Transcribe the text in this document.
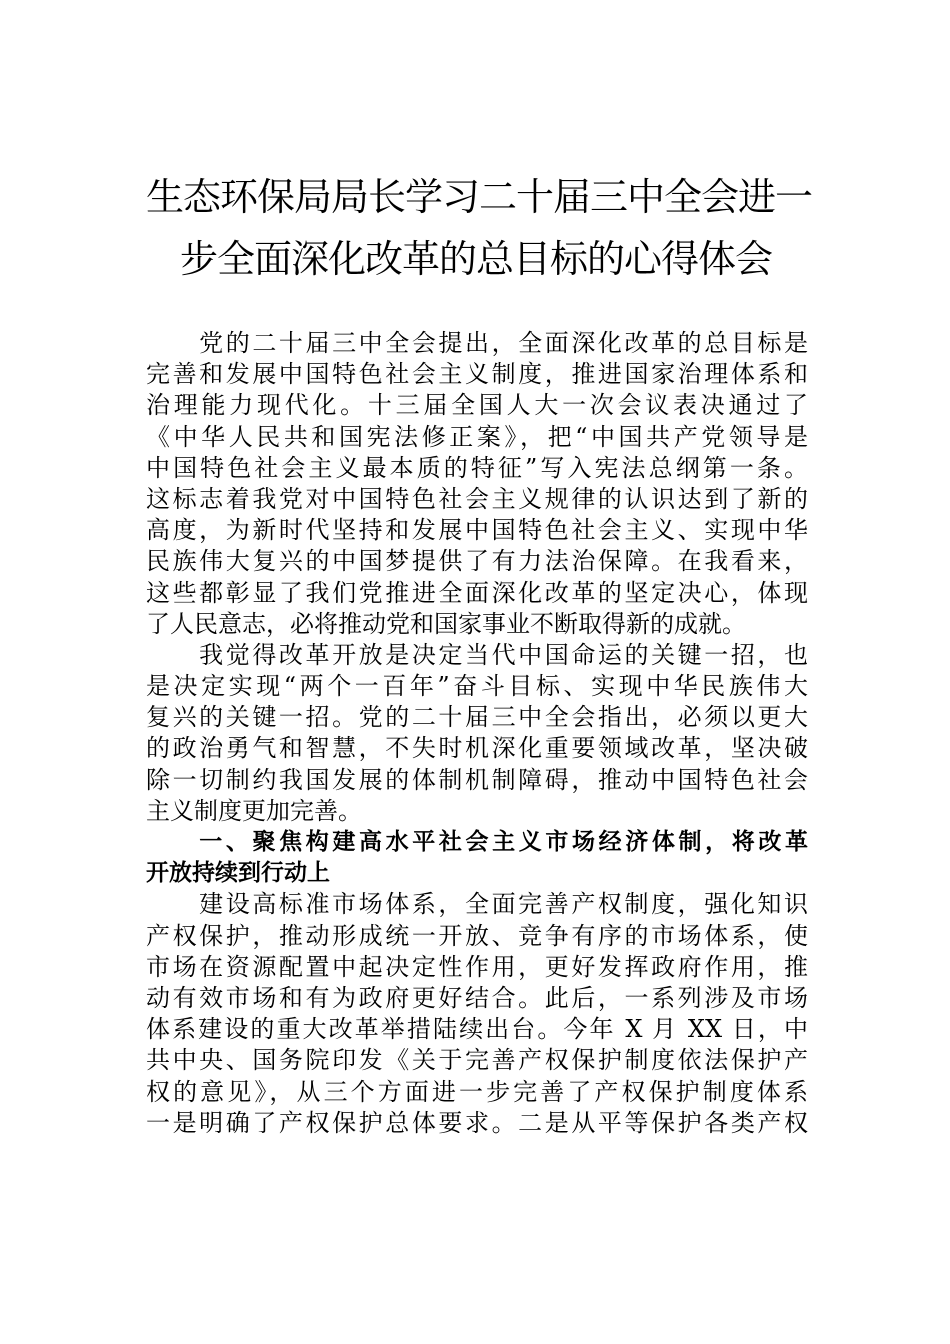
生态环保局局长学习二十届三中全会进一
步全面深化改革的总目标的心得体会

　　党的二十届三中全会提出，全面深化改革的总目标是
完善和发展中国特色社会主义制度，推进国家治理体系和
治理能力现代化。十三届全国人大一次会议表决通过了
《中华人民共和国宪法修正案》，把“中国共产党领导是
中国特色社会主义最本质的特征”写入宪法总纲第一条。
这标志着我党对中国特色社会主义规律的认识达到了新的
高度，为新时代坚持和发展中国特色社会主义、实现中华
民族伟大复兴的中国梦提供了有力法治保障。在我看来，
这些都彰显了我们党推进全面深化改革的坚定决心，体现
了人民意志，必将推动党和国家事业不断取得新的成就。

　　我觉得改革开放是决定当代中国命运的关键一招，也
是决定实现“两个一百年”奋斗目标、实现中华民族伟大
复兴的关键一招。党的二十届三中全会指出，必须以更大
的政治勇气和智慧，不失时机深化重要领域改革，坚决破
除一切制约我国发展的体制机制障碍，推动中国特色社会
主义制度更加完善。

　　一、聚焦构建高水平社会主义市场经济体制，将改革
开放持续到行动上

　　建设高标准市场体系，全面完善产权制度，强化知识
产权保护，推动形成统一开放、竞争有序的市场体系，使
市场在资源配置中起决定性作用，更好发挥政府作用，推
动有效市场和有为政府更好结合。此后，一系列涉及市场
体系建设的重大改革举措陆续出台。今年 X 月 XX 日，中
共中央、国务院印发《关于完善产权保护制度依法保护产
权的意见》，从三个方面进一步完善了产权保护制度体系
一是明确了产权保护总体要求。二是从平等保护各类产权
